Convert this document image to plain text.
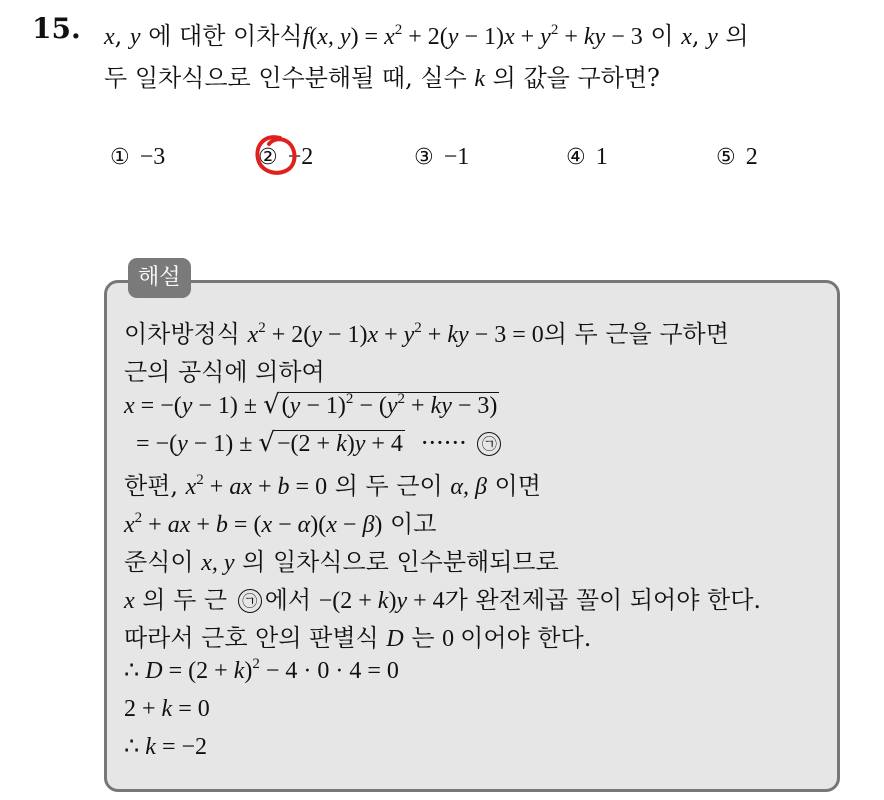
15. x, y 에 대한 이차식f(x, $y) = x^2 + 2(y - 1)x + y^2$ + ky − 3 이 x, y 의
두 일차식으로 인수분해될 때, 실수 k 의 값을 구하면?
① −3	② −2	③ −1	④ 1	⑤ 2
해설
이차방정식 $x^2 + 2(y - 1)x + y^2$ + ky − 3 = 0의 두 근을 구하면
근의 공식에 의하여
$x = -(y - 1) \pm √(y - 1)^2 - (y^2$ + ky − 3)
= −(y − 1) ± √−(2 + k)y + 4 ······ ㉠
한편, $x^2$ + ax + b = 0 의 두 근이 α, β 이면
$x^2$ + ax + b = (x − α)(x − β) 이고
준식이 x, y 의 일차식으로 인수분해되므로
x 의 두 근 ㉠ 에서 −(2 + k)y + 4가 완전제곱 꼴이 되어야 한다.
따라서 근호 안의 판별식 D 는 0 이어야 한다.
∴ $D = (2 + k)^2 - 4 \cdot 0 \cdot 4 = 0$
2 + k = 0
∴ k = −2
